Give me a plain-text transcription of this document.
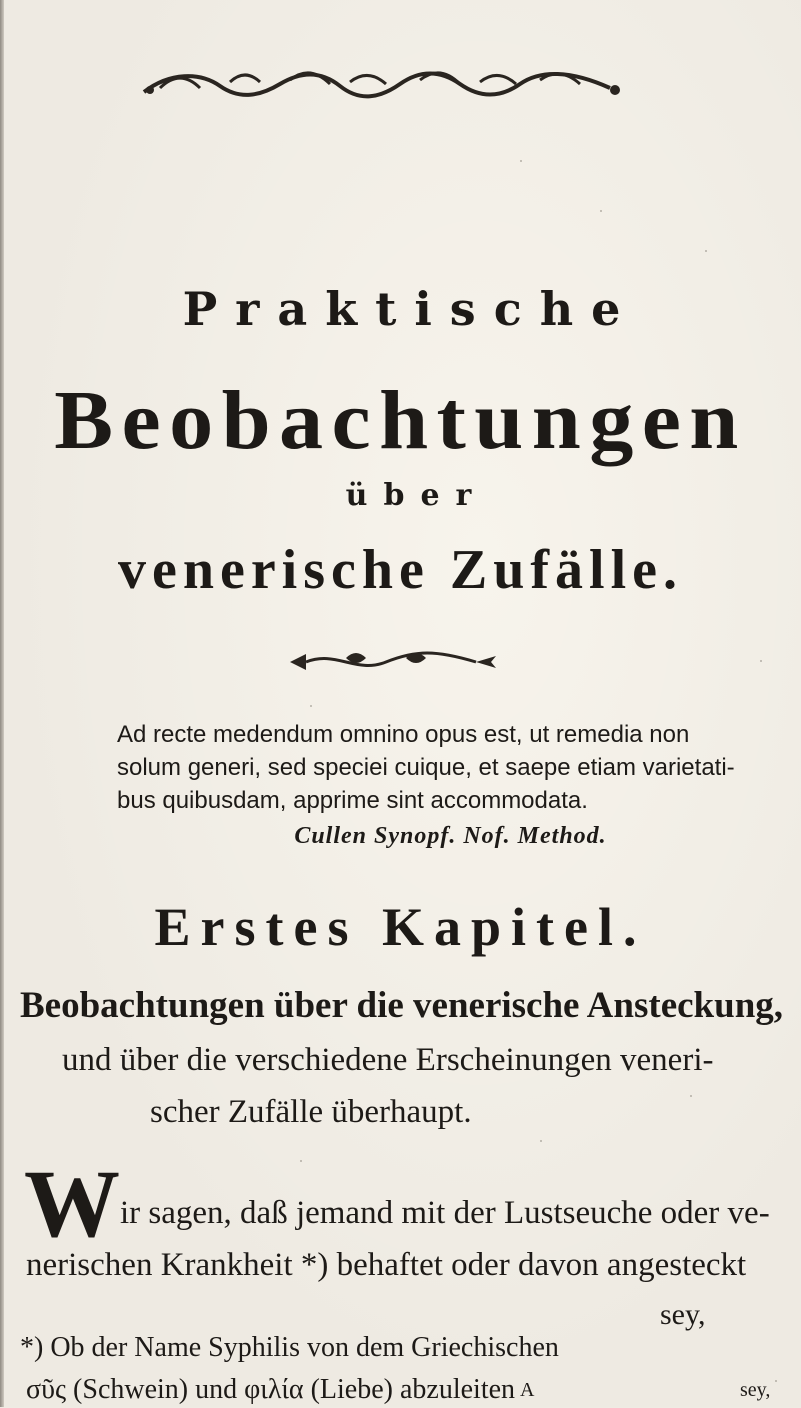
Praktische
Beobachtungen
über
venerische Zufälle.
Ad recte medendum omnino opus est, ut remedia non
solum generi, sed speciei cuique, et saepe etiam varietati-
bus quibusdam, apprime sint accommodata.
Cullen Synopf. Nof. Method.
Erstes Kapitel.
Beobachtungen über die venerische Ansteckung,
und über die verschiedene Erscheinungen veneri-
scher Zufälle überhaupt.
W ir sagen, daß jemand mit der Lustseuche oder ve-
nerischen Krankheit *) behaftet oder davon angesteckt
sey,
*) Ob der Name Syphilis von dem Griechischen
σῦς (Schwein) und φιλία (Liebe) abzuleiten	sey,
A
